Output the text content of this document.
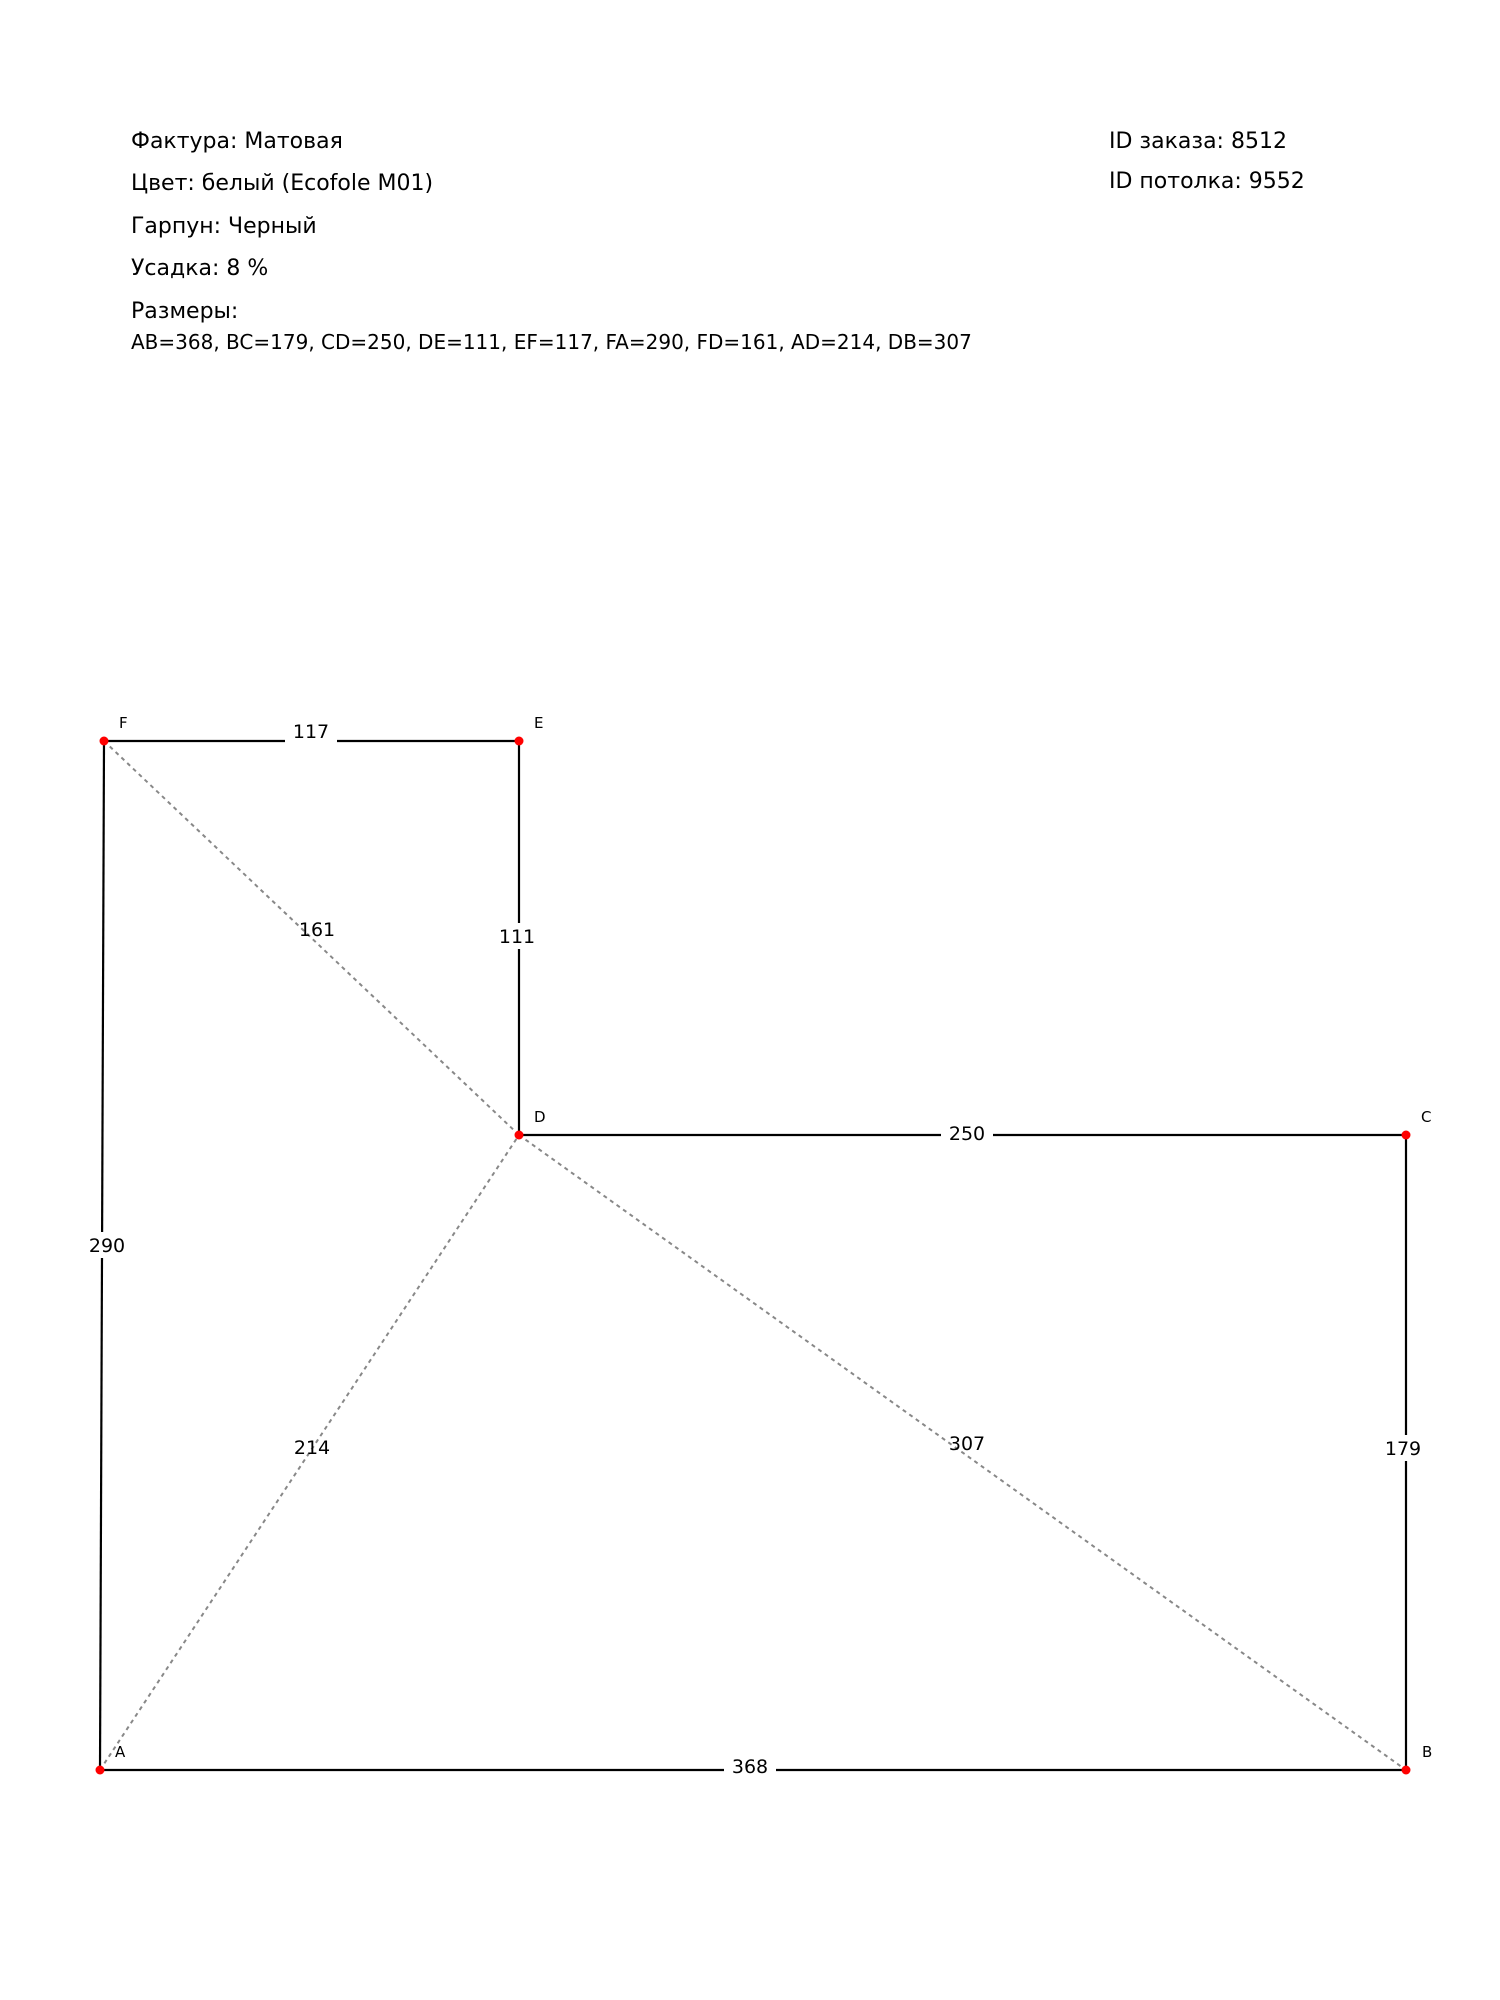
Фактура: Матовая
Цвет: белый (Ecofole M01)
Гарпун: Черный
Усадка: 8 %
Размеры:
AB=368, BC=179, CD=250, DE=111, EF=117, FA=290, FD=161, AD=214, DB=307
ID заказа: 8512
ID потолка: 9552
368
179
250
111
117
290
161
214	307
A	B
C
D
E
F
